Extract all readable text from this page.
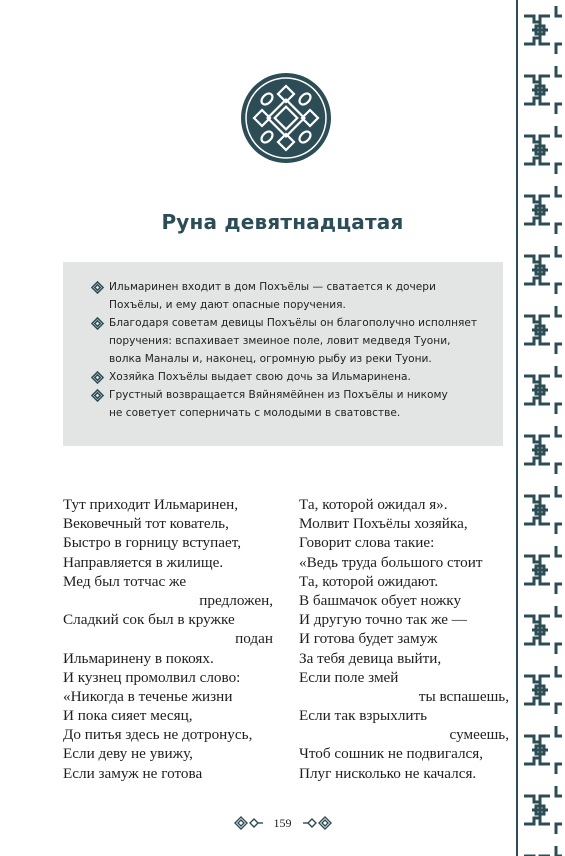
Руна девятнадцатая
Ильмаринен входит в дом Похъёлы — сватается к дочери
Похъёлы, и ему дают опасные поручения.
Благодаря советам девицы Похъёлы он благополучно исполняет
поручения: вспахивает змеиное поле, ловит медведя Туони,
волка Маналы и, наконец, огромную рыбу из реки Туони.
Хозяйка Похъёлы выдает свою дочь за Ильмаринена.
Грустный возвращается Вяйнямёйнен из Похъёлы и никому
не советует соперничать с молодыми в сватовстве.
Тут приходит Ильмаринен,
Вековечный тот кователь,
Быстро в горницу вступает,
Направляется в жилище.
Мед был тотчас же
предложен,
Сладкий сок был в кружке
подан
Ильмаринену в покоях.
И кузнец промолвил слово:
«Никогда в теченье жизни
И пока сияет месяц,
До питья здесь не дотронусь,
Если деву не увижу,
Если замуж не готова
Та, которой ожидал я».
Молвит Похъёлы хозяйка,
Говорит слова такие:
«Ведь труда большого стоит
Та, которой ожидают.
В башмачок обует ножку
И другую точно так же —
И готова будет замуж
За тебя девица выйти,
Если поле змей
ты вспашешь,
Если так взрыхлить
сумеешь,
Чтоб сошник не подвигался,
Плуг нисколько не качался.
159
